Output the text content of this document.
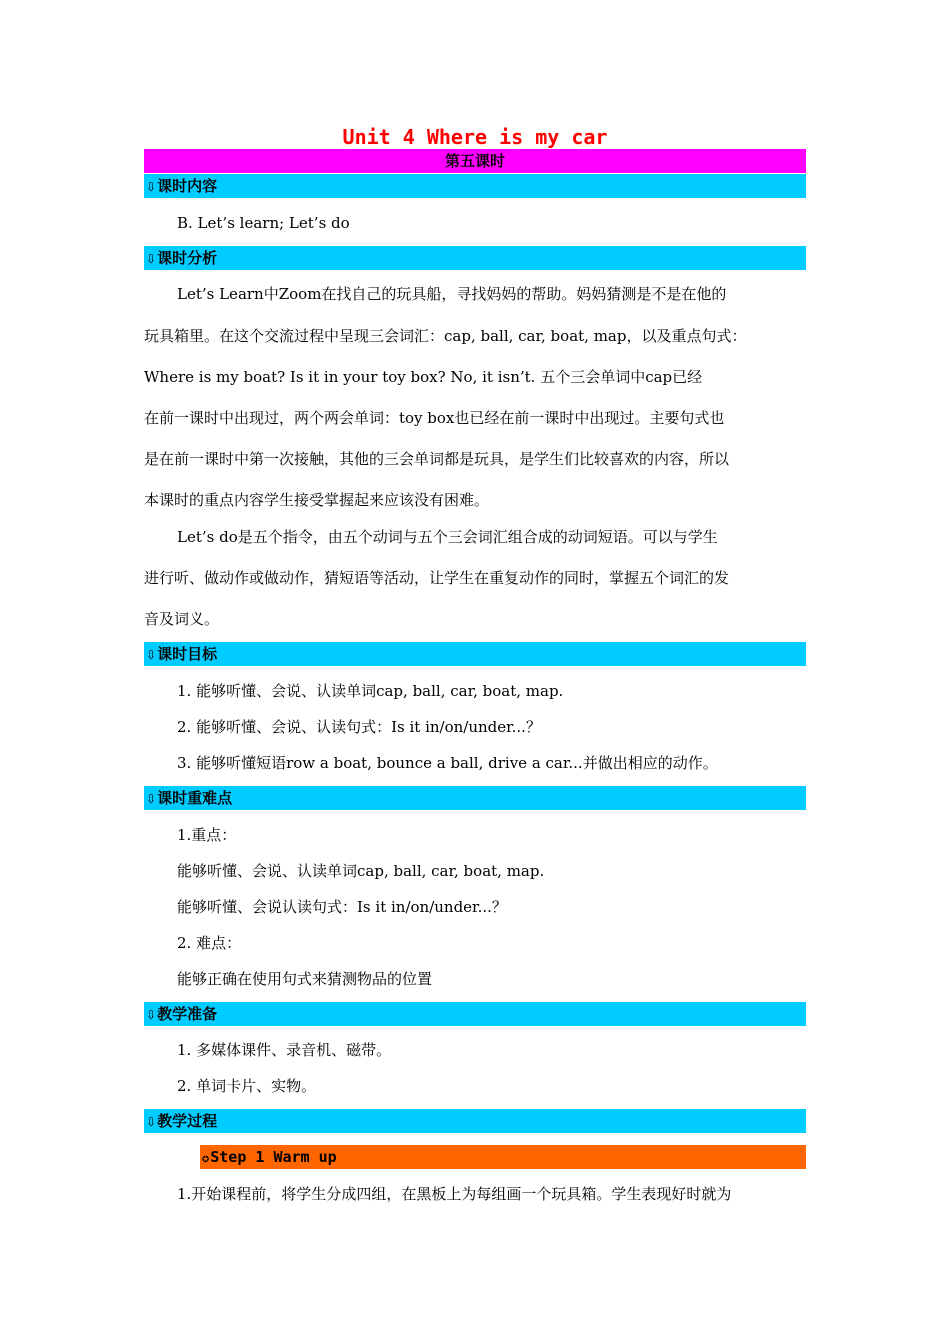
Unit 4 Where is my car
第五课时
⇩课时内容
B. Let’s learn; Let’s do
⇩课时分析
Let’s Learn中Zoom在找自己的玩具船，寻找妈妈的帮助。妈妈猜测是不是在他的
玩具箱里。在这个交流过程中呈现三会词汇：cap, ball, car, boat, map，以及重点句式：
Where is my boat? Is it in your toy box? No, it isn’t. 五个三会单词中cap已经
在前一课时中出现过，两个两会单词：toy box也已经在前一课时中出现过。主要句式也
是在前一课时中第一次接触，其他的三会单词都是玩具，是学生们比较喜欢的内容，所以
本课时的重点内容学生接受掌握起来应该没有困难。
Let’s do是五个指令，由五个动词与五个三会词汇组合成的动词短语。可以与学生
进行听、做动作或做动作，猜短语等活动，让学生在重复动作的同时，掌握五个词汇的发
音及词义。
⇩课时目标
1. 能够听懂、会说、认读单词cap, ball, car, boat, map.
2. 能够听懂、会说、认读句式：Is it in/on/under...？
3. 能够听懂短语row a boat, bounce a ball, drive a car...并做出相应的动作。
⇩课时重难点
1.重点：
能够听懂、会说、认读单词cap, ball, car, boat, map.
能够听懂、会说认读句式：Is it in/on/under...？
2. 难点：
能够正确在使用句式来猜测物品的位置
⇩教学准备
1. 多媒体课件、录音机、磁带。
2. 单词卡片、实物。
⇩教学过程
✪Step 1 Warm up
1.开始课程前，将学生分成四组，在黑板上为每组画一个玩具箱。学生表现好时就为
